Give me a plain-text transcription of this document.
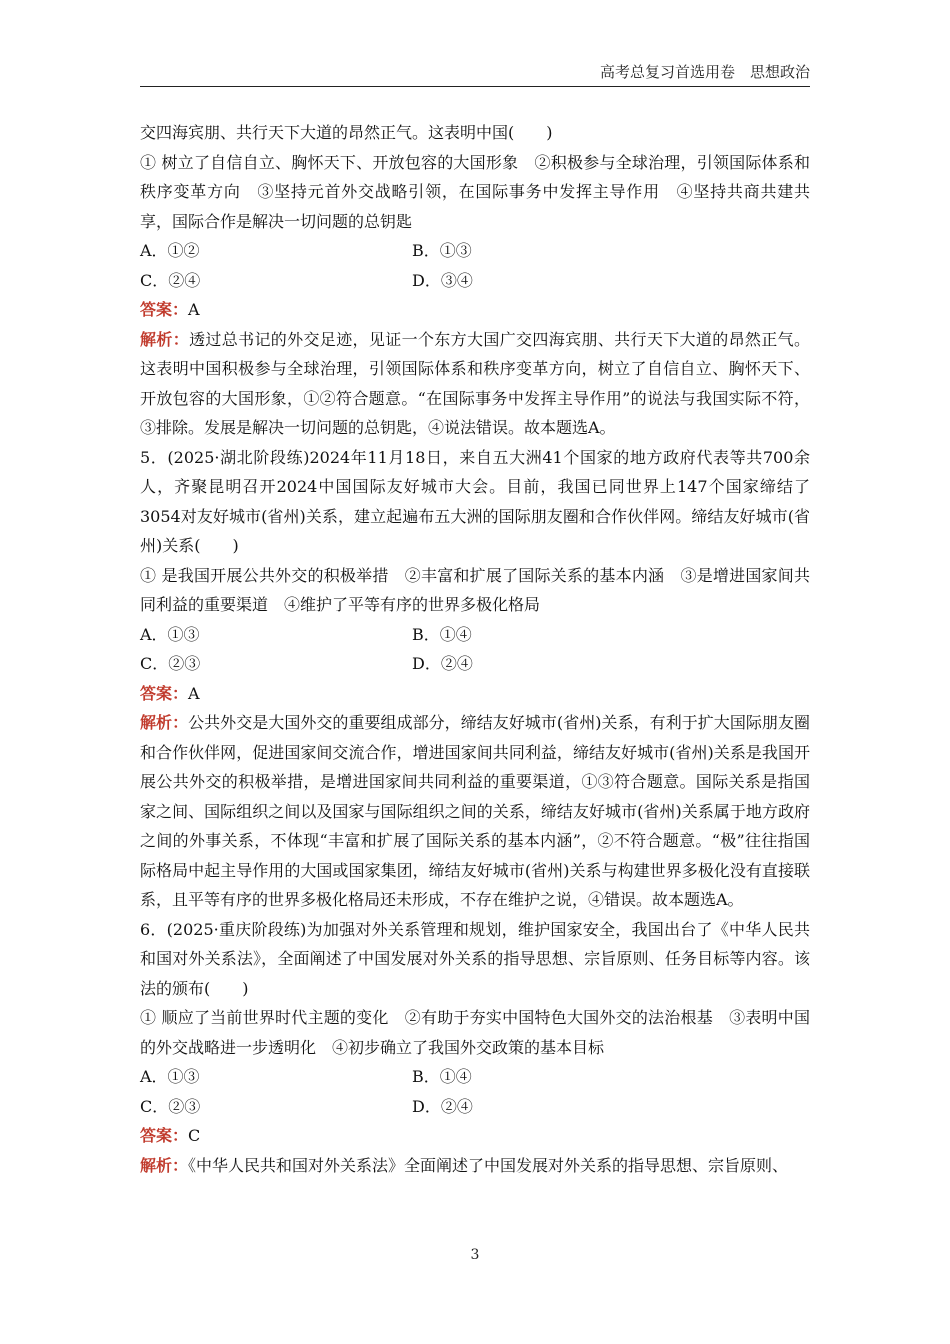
高考总复习首选用卷　思想政治

交四海宾朋、共行天下大道的昂然正气。这表明中国(　　)

① 树立了自信自立、胸怀天下、开放包容的大国形象　②积极参与全球治理，引领国际体系和秩序变革方向　③坚持元首外交战略引领，在国际事务中发挥主导作用　④坚持共商共建共享，国际合作是解决一切问题的总钥匙

A．①②	B．①③
C．②④	D．③④

答案：A

解析：透过总书记的外交足迹，见证一个东方大国广交四海宾朋、共行天下大道的昂然正气。这表明中国积极参与全球治理，引领国际体系和秩序变革方向，树立了自信自立、胸怀天下、开放包容的大国形象，①②符合题意。“在国际事务中发挥主导作用”的说法与我国实际不符，③排除。发展是解决一切问题的总钥匙，④说法错误。故本题选A。

5．(2025·湖北阶段练)2024年11月18日，来自五大洲41个国家的地方政府代表等共700余人，齐聚昆明召开2024中国国际友好城市大会。目前，我国已同世界上147个国家缔结了3054对友好城市(省州)关系，建立起遍布五大洲的国际朋友圈和合作伙伴网。缔结友好城市(省州)关系(　　)

① 是我国开展公共外交的积极举措　②丰富和扩展了国际关系的基本内涵　③是增进国家间共同利益的重要渠道　④维护了平等有序的世界多极化格局

A．①③	B．①④
C．②③	D．②④

答案：A

解析：公共外交是大国外交的重要组成部分，缔结友好城市(省州)关系，有利于扩大国际朋友圈和合作伙伴网，促进国家间交流合作，增进国家间共同利益，缔结友好城市(省州)关系是我国开展公共外交的积极举措，是增进国家间共同利益的重要渠道，①③符合题意。国际关系是指国家之间、国际组织之间以及国家与国际组织之间的关系，缔结友好城市(省州)关系属于地方政府之间的外事关系，不体现“丰富和扩展了国际关系的基本内涵”，②不符合题意。“极”往往指国际格局中起主导作用的大国或国家集团，缔结友好城市(省州)关系与构建世界多极化没有直接联系，且平等有序的世界多极化格局还未形成，不存在维护之说，④错误。故本题选A。

6．(2025·重庆阶段练)为加强对外关系管理和规划，维护国家安全，我国出台了《中华人民共和国对外关系法》，全面阐述了中国发展对外关系的指导思想、宗旨原则、任务目标等内容。该法的颁布(　　)

① 顺应了当前世界时代主题的变化　②有助于夯实中国特色大国外交的法治根基　③表明中国的外交战略进一步透明化　④初步确立了我国外交政策的基本目标

A．①③	B．①④
C．②③	D．②④

答案：C

解析：《中华人民共和国对外关系法》全面阐述了中国发展对外关系的指导思想、宗旨原则、

3
